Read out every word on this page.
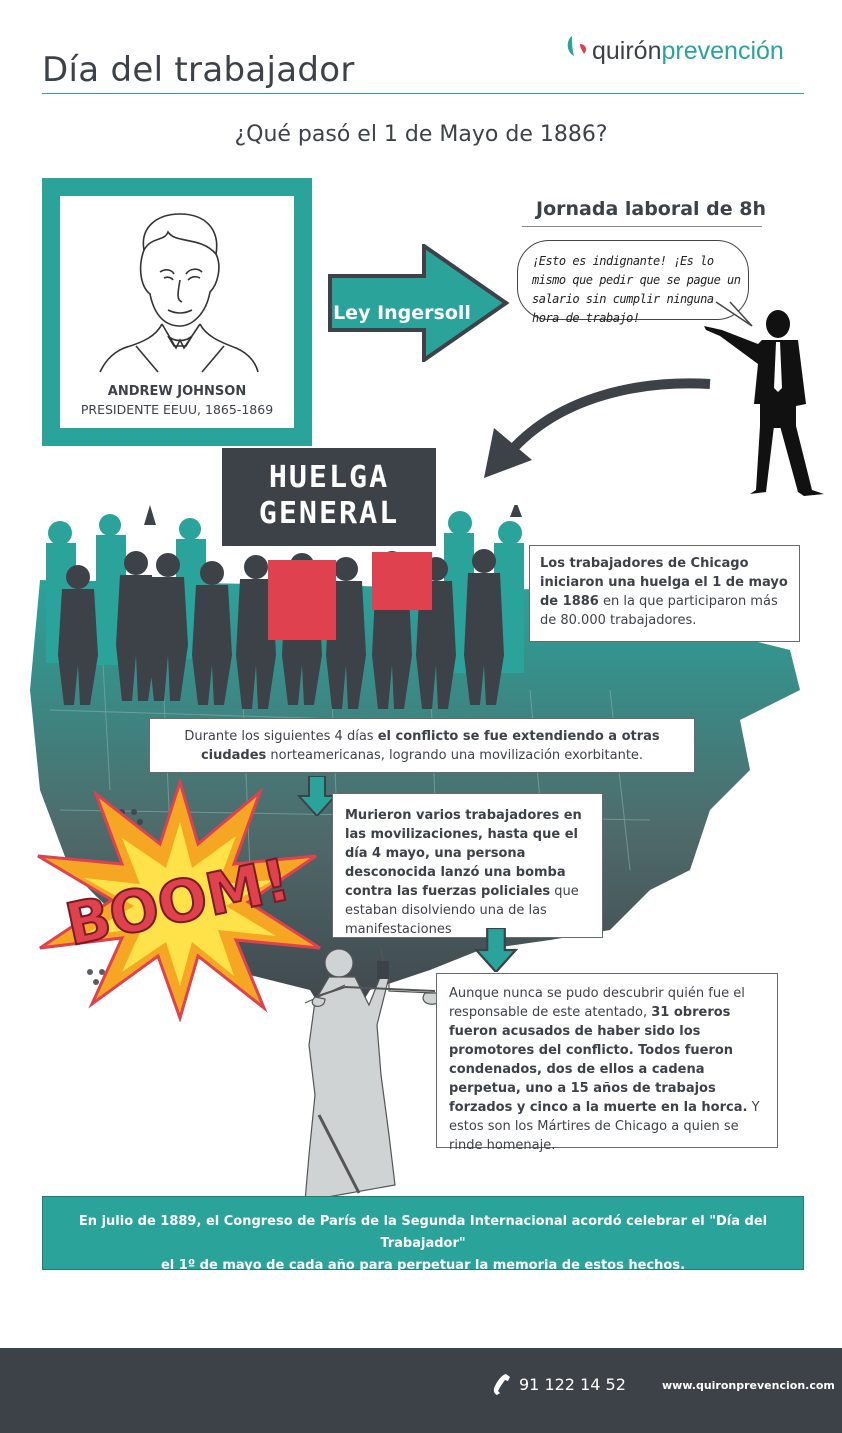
Día del trabajador	quirónprevención
¿Qué pasó el 1 de Mayo de 1886?
ANDREW JOHNSON
PRESIDENTE EEUU, 1865-1869
Ley Ingersoll
Jornada laboral de 8h
¡Esto es indignante! ¡Es lo mismo que pedir que se pague un salario sin cumplir ninguna hora de trabajo!
HUELGA
GENERAL
Los trabajadores de Chicago iniciaron una huelga el 1 de mayo de 1886 en la que participaron más de 80.000 trabajadores.
Durante los siguientes 4 días el conflicto se fue extendiendo a otras ciudades norteamericanas, logrando una movilización exorbitante.
Murieron varios trabajadores en las movilizaciones, hasta que el día 4 mayo, una persona desconocida lanzó una bomba contra las fuerzas policiales que estaban disolviendo una de las manifestaciones
BOOM!
Aunque nunca se pudo descubrir quién fue el responsable de este atentado, 31 obreros fueron acusados de haber sido los promotores del conflicto. Todos fueron condenados, dos de ellos a cadena perpetua, uno a 15 años de trabajos forzados y cinco a la muerte en la horca. Y estos son los Mártires de Chicago a quien se rinde homenaje.
En julio de 1889, el Congreso de París de la Segunda Internacional acordó celebrar el "Día del Trabajador"
el 1º de mayo de cada año para perpetuar la memoria de estos hechos.
91 122 14 52	www.quironprevencion.com
